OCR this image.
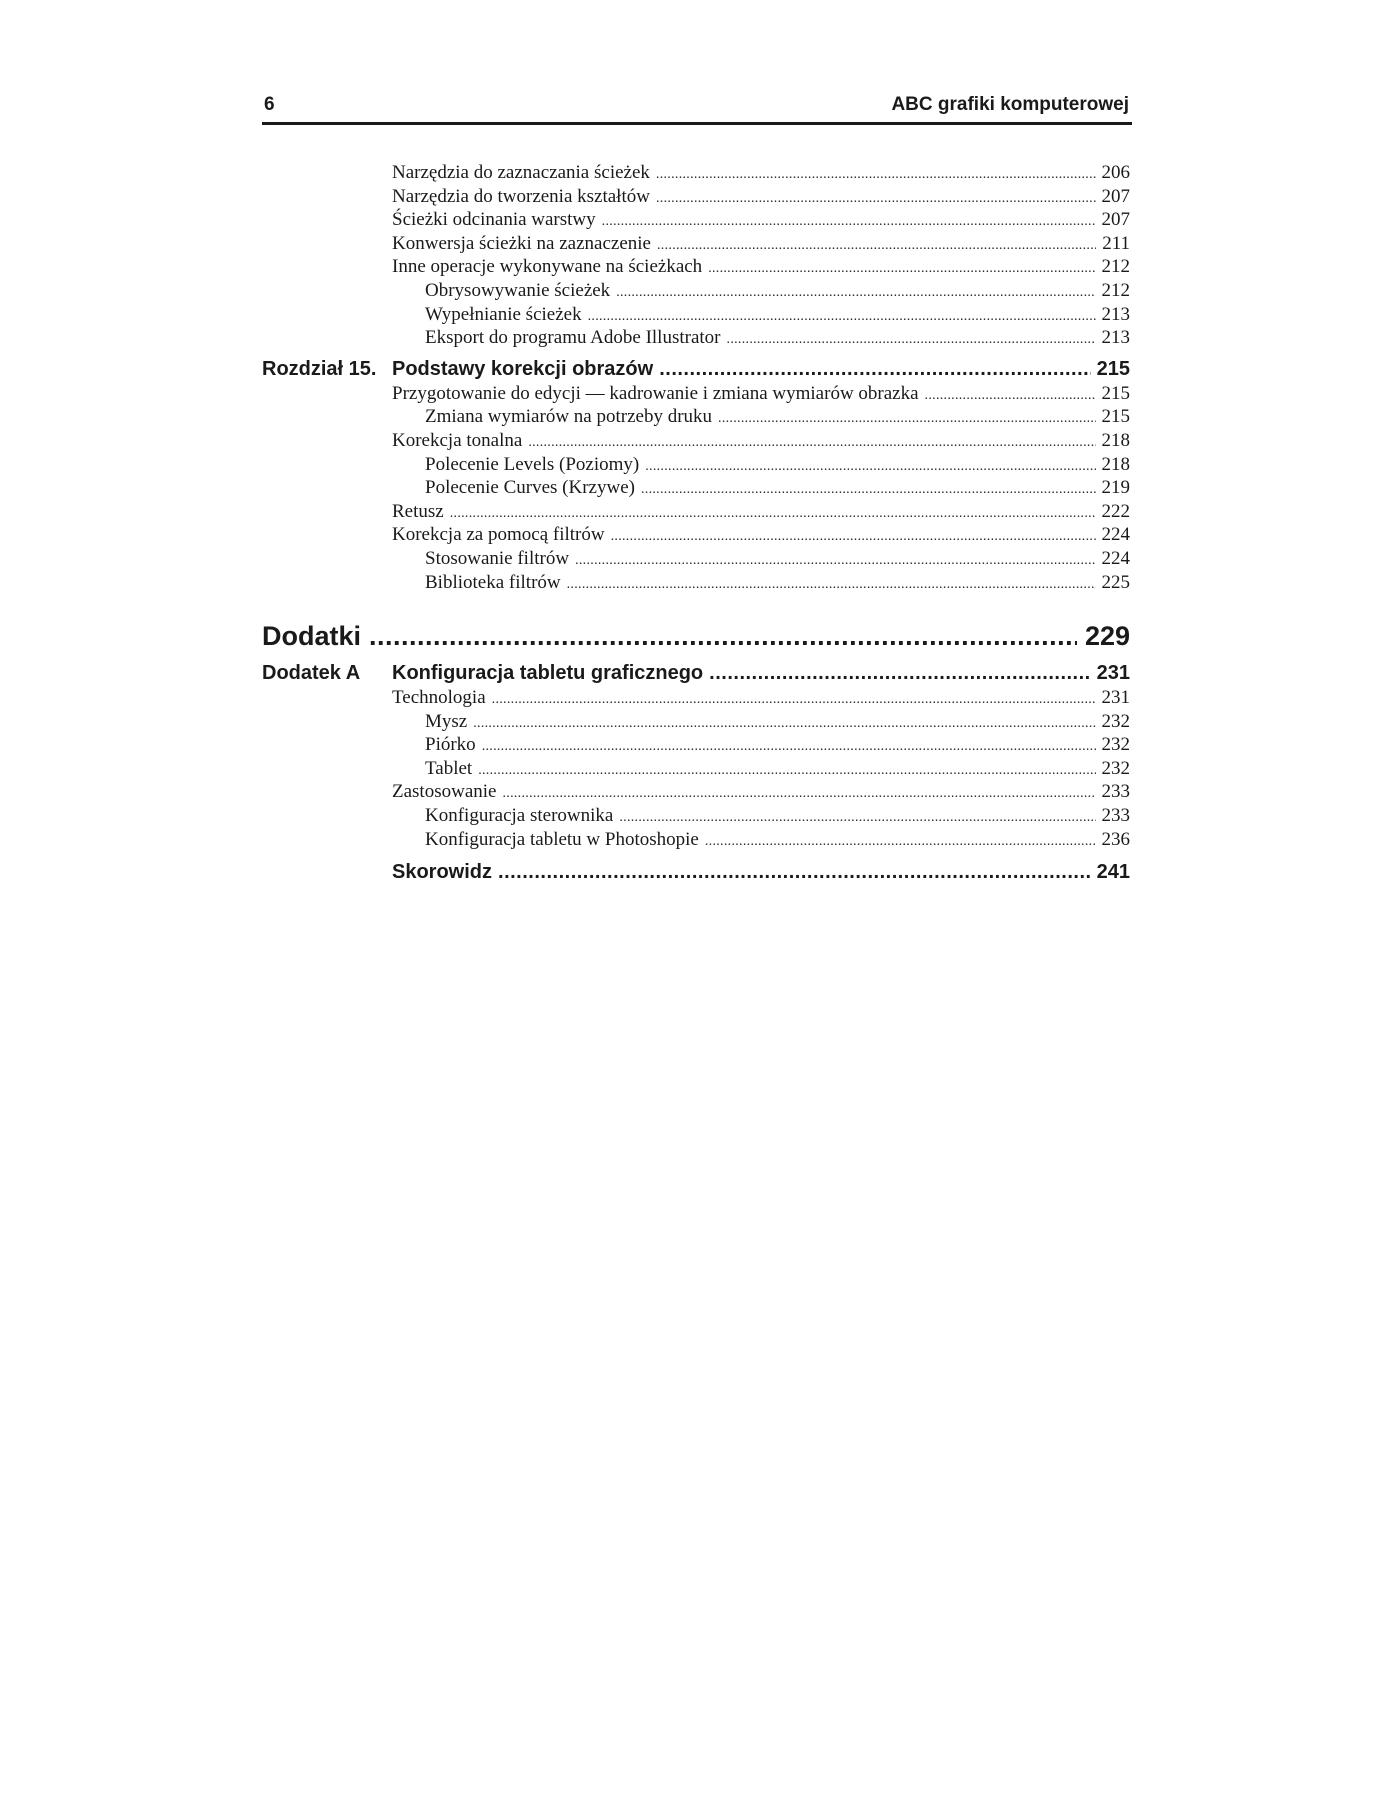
6	ABC grafiki komputerowej
Narzędzia do zaznaczania ścieżek .....	206
Narzędzia do tworzenia kształtów .....	207
Ścieżki odcinania warstwy .....	207
Konwersja ścieżki na zaznaczenie .....	211
Inne operacje wykonywane na ścieżkach .....	212
Obrysowywanie ścieżek .....	212
Wypełnianie ścieżek .....	213
Eksport do programu Adobe Illustrator .....	213
Rozdział 15. Podstawy korekcji obrazów .....	215
Przygotowanie do edycji — kadrowanie i zmiana wymiarów obrazka .....	215
Zmiana wymiarów na potrzeby druku .....	215
Korekcja tonalna .....	218
Polecenie Levels (Poziomy) .....	218
Polecenie Curves (Krzywe) .....	219
Retusz .....	222
Korekcja za pomocą filtrów .....	224
Stosowanie filtrów .....	224
Biblioteka filtrów .....	225
Dodatki .....	229
Dodatek A	Konfiguracja tabletu graficznego .....	231
Technologia .....	231
Mysz .....	232
Piórko .....	232
Tablet .....	232
Zastosowanie .....	233
Konfiguracja sterownika .....	233
Konfiguracja tabletu w Photoshopie .....	236
Skorowidz .....	241
